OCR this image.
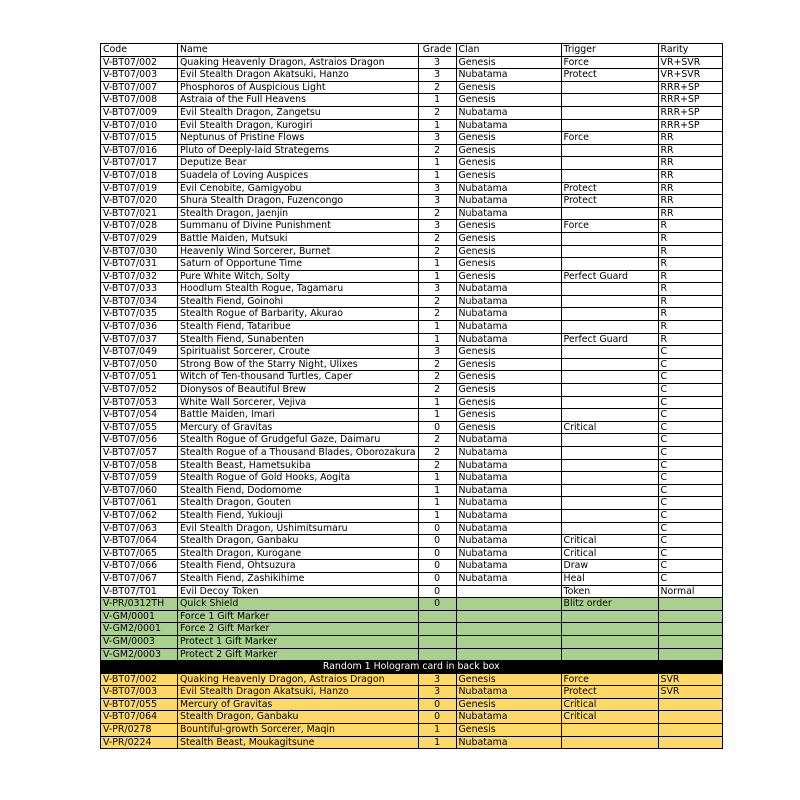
Code	Name	Grade	Clan	Trigger	Rarity
V-BT07/002	Quaking Heavenly Dragon, Astraios Dragon	3	Genesis	Force	VR+SVR
V-BT07/003	Evil Stealth Dragon Akatsuki, Hanzo	3	Nubatama	Protect	VR+SVR
V-BT07/007	Phosphoros of Auspicious Light	2	Genesis		RRR+SP
V-BT07/008	Astraia of the Full Heavens	1	Genesis		RRR+SP
V-BT07/009	Evil Stealth Dragon, Zangetsu	2	Nubatama		RRR+SP
V-BT07/010	Evil Stealth Dragon, Kurogiri	1	Nubatama		RRR+SP
V-BT07/015	Neptunus of Pristine Flows	3	Genesis	Force	RR
V-BT07/016	Pluto of Deeply-laid Strategems	2	Genesis		RR
V-BT07/017	Deputize Bear	1	Genesis		RR
V-BT07/018	Suadela of Loving Auspices	1	Genesis		RR
V-BT07/019	Evil Cenobite, Gamigyobu	3	Nubatama	Protect	RR
V-BT07/020	Shura Stealth Dragon, Fuzencongo	3	Nubatama	Protect	RR
V-BT07/021	Stealth Dragon, Jaenjin	2	Nubatama		RR
V-BT07/028	Summanu of Divine Punishment	3	Genesis	Force	R
V-BT07/029	Battle Maiden, Mutsuki	2	Genesis		R
V-BT07/030	Heavenly Wind Sorcerer, Burnet	2	Genesis		R
V-BT07/031	Saturn of Opportune Time	1	Genesis		R
V-BT07/032	Pure White Witch, Solty	1	Genesis	Perfect Guard	R
V-BT07/033	Hoodlum Stealth Rogue, Tagamaru	3	Nubatama		R
V-BT07/034	Stealth Fiend, Goinohi	2	Nubatama		R
V-BT07/035	Stealth Rogue of Barbarity, Akurao	2	Nubatama		R
V-BT07/036	Stealth Fiend, Tataribue	1	Nubatama		R
V-BT07/037	Stealth Fiend, Sunabenten	1	Nubatama	Perfect Guard	R
V-BT07/049	Spiritualist Sorcerer, Croute	3	Genesis		C
V-BT07/050	Strong Bow of the Starry Night, Ulixes	2	Genesis		C
V-BT07/051	Witch of Ten-thousand Turtles, Caper	2	Genesis		C
V-BT07/052	Dionysos of Beautiful Brew	2	Genesis		C
V-BT07/053	White Wall Sorcerer, Vejiva	1	Genesis		C
V-BT07/054	Battle Maiden, Imari	1	Genesis		C
V-BT07/055	Mercury of Gravitas	0	Genesis	Critical	C
V-BT07/056	Stealth Rogue of Grudgeful Gaze, Daimaru	2	Nubatama		C
V-BT07/057	Stealth Rogue of a Thousand Blades, Oborozakura	2	Nubatama		C
V-BT07/058	Stealth Beast, Hametsukiba	2	Nubatama		C
V-BT07/059	Stealth Rogue of Gold Hooks, Aogita	1	Nubatama		C
V-BT07/060	Stealth Fiend, Dodomome	1	Nubatama		C
V-BT07/061	Stealth Dragon, Gouten	1	Nubatama		C
V-BT07/062	Stealth Fiend, Yukiouji	1	Nubatama		C
V-BT07/063	Evil Stealth Dragon, Ushimitsumaru	0	Nubatama		C
V-BT07/064	Stealth Dragon, Ganbaku	0	Nubatama	Critical	C
V-BT07/065	Stealth Dragon, Kurogane	0	Nubatama	Critical	C
V-BT07/066	Stealth Fiend, Ohtsuzura	0	Nubatama	Draw	C
V-BT07/067	Stealth Fiend, Zashikihime	0	Nubatama	Heal	C
V-BT07/T01	Evil Decoy Token	0		Token	Normal
V-PR/0312TH	Quick Shield	0		Blitz order	
V-GM/0001	Force 1 Gift Marker				
V-GM2/0001	Force 2 Gift Marker				
V-GM/0003	Protect 1 Gift Marker				
V-GM2/0003	Protect 2 Gift Marker				
Random 1 Hologram card in back box					
V-BT07/002	Quaking Heavenly Dragon, Astraios Dragon	3	Genesis	Force	SVR
V-BT07/003	Evil Stealth Dragon Akatsuki, Hanzo	3	Nubatama	Protect	SVR
V-BT07/055	Mercury of Gravitas	0	Genesis	Critical	
V-BT07/064	Stealth Dragon, Ganbaku	0	Nubatama	Critical	
V-PR/0278	Bountiful-growth Sorcerer, Maqin	1	Genesis		
V-PR/0224	Stealth Beast, Moukagitsune	1	Nubatama		
